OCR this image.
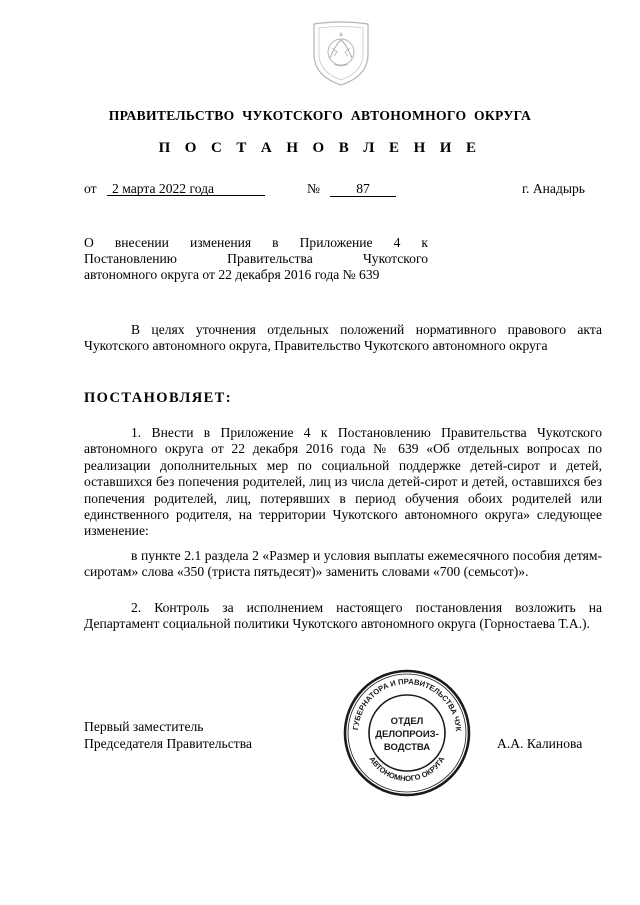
ПРАВИТЕЛЬСТВО ЧУКОТСКОГО АВТОНОМНОГО ОКРУГА
П О С Т А Н О В Л Е Н И Е
от	2 марта 2022 года	№	87	г. Анадырь
О внесении изменения в Приложение 4 к
Постановлению Правительства Чукотского
автономного округа от 22 декабря 2016 года № 639
В целях уточнения отдельных положений нормативного правового акта Чукотского автономного округа, Правительство Чукотского автономного округа
ПОСТАНОВЛЯЕТ:
1. Внести в Приложение 4 к Постановлению Правительства Чукотского автономного округа от 22 декабря 2016 года № 639 «Об отдельных вопросах по реализации дополнительных мер по социальной поддержке детей-сирот и детей, оставшихся без попечения родителей, лиц из числа детей-сирот и детей, оставшихся без попечения родителей, лиц, потерявших в период обучения обоих родителей или единственного родителя, на территории Чукотского автономного округа» следующее изменение:
в пункте 2.1 раздела 2 «Размер и условия выплаты ежемесячного пособия детям-сиротам» слова «350 (триста пятьдесят)» заменить словами «700 (семьсот)».
2. Контроль за исполнением настоящего постановления возложить на Департамент социальной политики Чукотского автономного округа (Горностаева Т.А.).
Первый заместитель
Председателя Правительства	А.А. Калинова
ГУБЕРНАТОРА И ПРАВИТЕЛЬСТВА ЧУК
АВТОНОМНОГО ОКРУГА
ОТДЕЛ
ДЕЛОПРОИЗ-
ВОДСТВА
